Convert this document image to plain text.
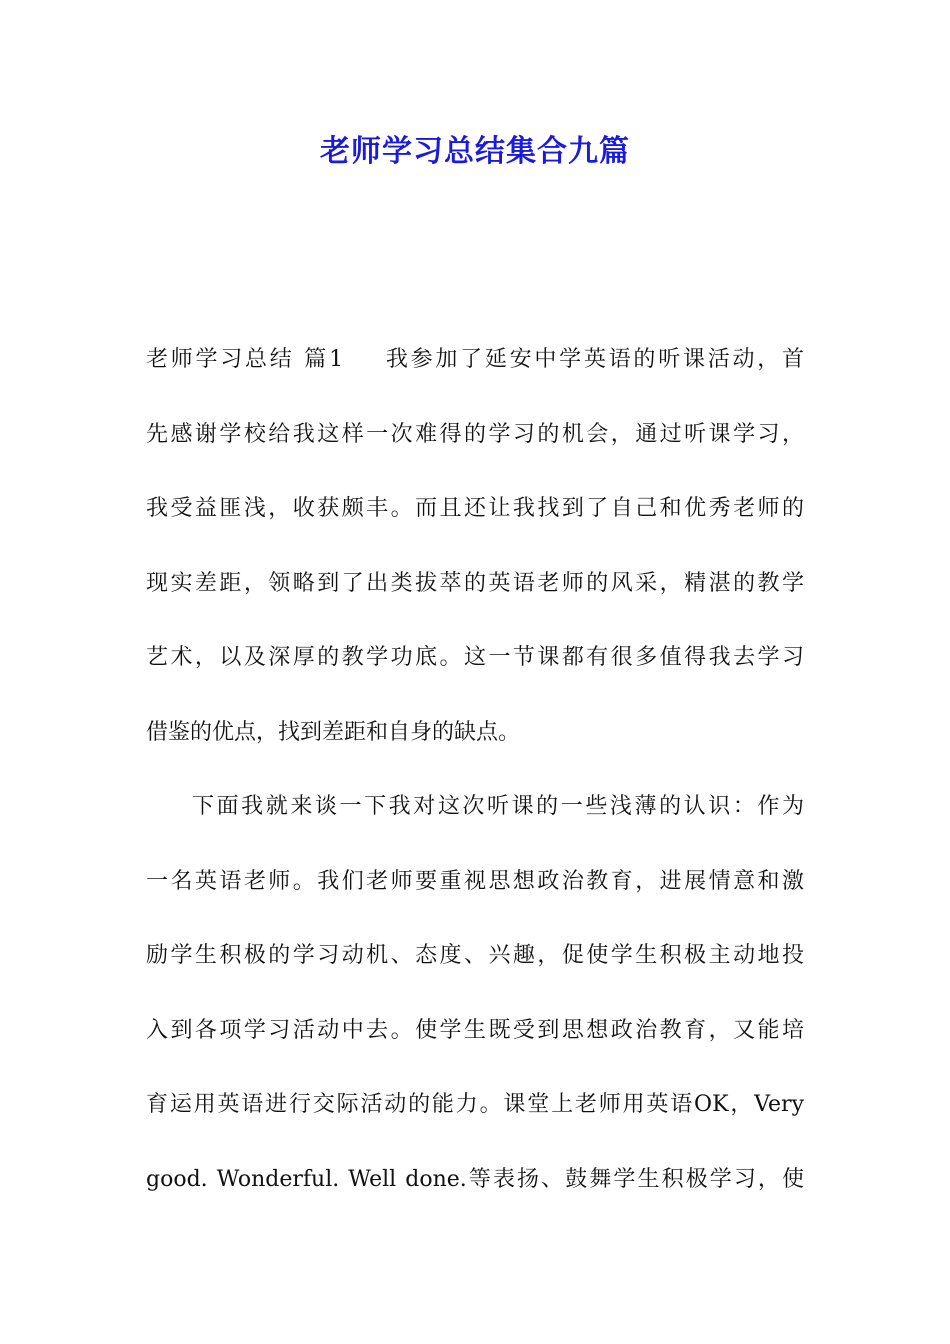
老师学习总结集合九篇
老师学习总结 篇1 我参加了延安中学英语的听课活动，首
先感谢学校给我这样一次难得的学习的机会，通过听课学习，
我受益匪浅，收获颇丰。而且还让我找到了自己和优秀老师的
现实差距，领略到了出类拔萃的英语老师的风采，精湛的教学
艺术，以及深厚的教学功底。这一节课都有很多值得我去学习
借鉴的优点，找到差距和自身的缺点。
下面我就来谈一下我对这次听课的一些浅薄的认识：作为
一名英语老师。我们老师要重视思想政治教育，进展情意和激
励学生积极的学习动机、态度、兴趣，促使学生积极主动地投
入到各项学习活动中去。使学生既受到思想政治教育，又能培
育运用英语进行交际活动的能力。课堂上老师用英语OK，Very
good. Wonderful. Well done.等表扬、鼓舞学生积极学习，使
